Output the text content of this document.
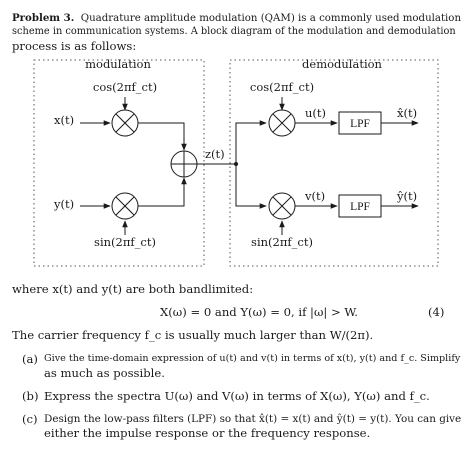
Problem 3. Quadrature amplitude modulation (QAM) is a commonly used modulation
scheme in communication systems. A block diagram of the modulation and demodulation
process is as follows:
modulation	demodulation
cos(2πf_ct)
sin(2πf_ct)
x(t)
y(t)
z(t)
cos(2πf_ct)
sin(2πf_ct)
u(t)
v(t)
LPF
LPF
x̂(t)
ŷ(t)
where x(t) and y(t) are both bandlimited:
X(ω) = 0 and Y(ω) = 0, if |ω| > W.	(4)
The carrier frequency f_c is usually much larger than W/(2π).
(a) Give the time-domain expression of u(t) and v(t) in terms of x(t), y(t) and f_c. Simplify
as much as possible.
(b) Express the spectra U(ω) and V(ω) in terms of X(ω), Y(ω) and f_c.
(c) Design the low-pass filters (LPF) so that x̂(t) = x(t) and ŷ(t) = y(t). You can give
either the impulse response or the frequency response.
